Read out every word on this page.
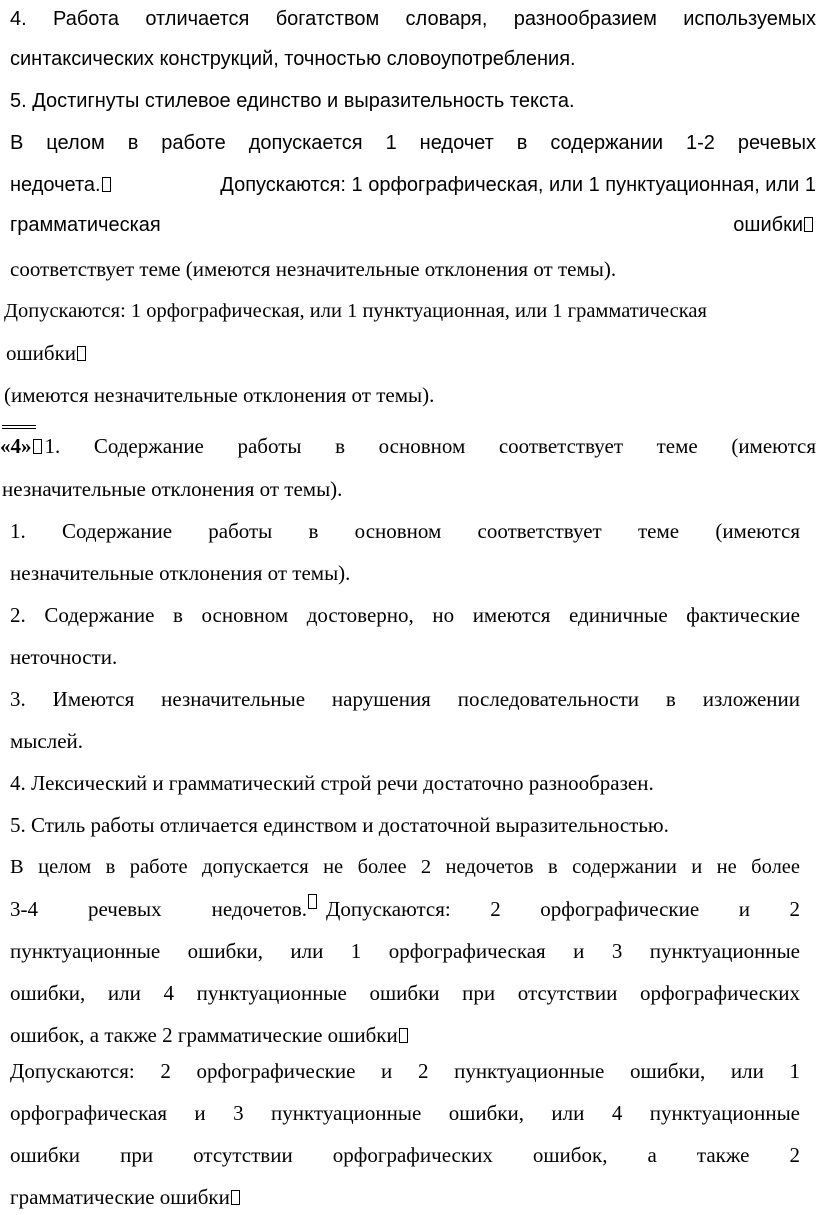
4. Работа отличается богатством словаря, разнообразием используемых
синтаксических конструкций, точностью словоупотребления.
5. Достигнуты стилевое единство и выразительность текста.
В целом в работе допускается 1 недочет в содержании 1-2 речевых
недочета.	Допускаются: 1 орфографическая, или 1 пунктуационная, или 1
грамматическая	ошибки
соответствует теме (имеются незначительные отклонения от темы).
Допускаются: 1 орфографическая, или 1 пунктуационная, или 1 грамматическая
ошибки
(имеются незначительные отклонения от темы).
«4» 1. Содержание работы в основном соответствует теме (имеются
незначительные отклонения от темы).
1. Содержание работы в основном соответствует теме (имеются
незначительные отклонения от темы).
2. Содержание в основном достоверно, но имеются единичные фактические
неточности.
3. Имеются незначительные нарушения последовательности в изложении
мыслей.
4. Лексический и грамматический строй речи достаточно разнообразен.
5. Стиль работы отличается единством и достаточной выразительностью.
В целом в работе допускается не более 2 недочетов в содержании и не более
3-4 речевых недочетов. Допускаются: 2 орфографические и 2
пунктуационные ошибки, или 1 орфографическая и 3 пунктуационные
ошибки, или 4 пунктуационные ошибки при отсутствии орфографических
ошибок, а также 2 грамматические ошибки
Допускаются: 2 орфографические и 2 пунктуационные ошибки, или 1
орфографическая и 3 пунктуационные ошибки, или 4 пунктуационные
ошибки при отсутствии орфографических ошибок, а также 2
грамматические ошибки
